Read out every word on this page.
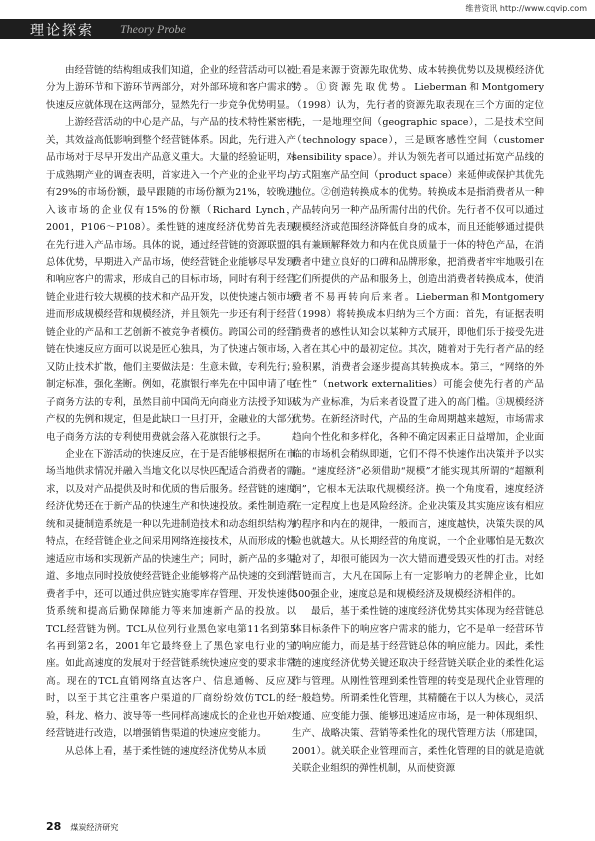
维普资讯 http://www.cqvip.com
理论探索 Theory Probe

由经营链的结构组成我们知道，企业的经营活动可以被分为上游环节和下游环节两部分，对外部环境和客户需求的快速反应就体现在这两部分，显然先行一步竞争优势明显。

上游经营活动的中心是产品，与产品的技术特性紧密相关，其效益高低影响到整个经营链体系。因此，先行进入产品市场对于尽早开发出产品意义重大。大量的经验证明，对于成熟期产业的调查表明，首家进入一个产业的企业平均占有29%的市场份额，最早跟随的市场份额为21%，较晚进入该市场的企业仅有15%的份额（Richard Lynch，2001，P106～P108）。柔性链的速度经济优势首先表现在先行进入产品市场。具体的说，通过经营链的资源联盟的总体优势，早期进入产品市场，使经营链企业能够尽早发现和响应客户的需求，形成自己的目标市场，同时有利于经营链企业进行较大规模的技术和产品开发，以使快速占领市场进而形成规模经营和规模经济，并且领先一步还有利于经营链企业的产品和工艺创新不被竞争者模仿。跨国公司的经营链在快速反应方面可以说是匠心独具，为了快速占领市场，又防止技术扩散，他们主要做法是：生意未做，专利先行；制定标准，强化垄断。例如，花旗银行率先在中国申请了电子商务方法的专利，虽然目前中国尚无向商业方法授予知识产权的先例和规定，但是此缺口一旦打开，金融业的大部分电子商务方法的专利使用费就会落入花旗银行之手。

企业在下游活动的快速反应，在于是否能够根据所在市场当地供求情况并融入当地文化以尽快匹配适合消费者的需求，以及对产品提供及时和优质的售后服务。经营链的速度经济优势还在于新产品的快速生产和快速投放。柔性制造系统和灵捷制造系统是一种以先进制造技术和动态组织结构为特点，在经营链企业之间采用网络连接技术，从而形成的快速适应市场和实现新产品的快速生产；同时，新产品的多渠道、多地点同时投放使经营链企业能够将产品快速的交到消费者手中，还可以通过供应链实施零库存管理、开发快速供货系统和提高后勤保障能力等来加速新产品的投放。以TCL经营链为例。TCL从位列行业黑色家电第11名到第5名再到第2名，2001年它最终登上了黑色家电行业的宝座。如此高速度的发展对于经营链系统快速应变的要求非常高。现在的TCL直销网络直达客户、信息通畅、反应及时，以至于其它注重客户渠道的厂商纷纷效仿TCL的经验，科龙、格力、波导等一些同样高速成长的企业也开始对经营链进行改造，以增强销售渠道的快速应变能力。

从总体上看，基于柔性链的速度经济优势从本质

上看是来源于资源先取优势、成本转换优势以及规模经济优势。①资源先取优势。Lieberman和Montgomery（1998）认为，先行者的资源先取表现在三个方面的定位先，一是地理空间（geographic space），二是技术空间（technology space），三是顾客感性空间（customer sensibility space）。并认为领先者可以通过拓宽产品线的方式阻塞产品空间（product space）来延伸或保护其优先地位。②创造转换成本的优势。转换成本是指消费者从一种产品转向另一种产品所需付出的代价。先行者不仅可以通过规模经济或范围经济降低自身的成本，而且还能够通过提供具有兼顾解释效力和内在优良质量于一体的特色产品，在消费者中建立良好的口碑和品牌形象，把消费者牢牢地吸引在它们所提供的产品和服务上，创造出消费者转换成本，使消费者不易再转向后来者。Lieberman和Montgomery（1998）将转换成本归纳为三个方面：首先，有证据表明消费者的感性认知会以某种方式展开，即他们乐于接受先进入者在其心中的最初定位。其次，随着对于先行者产品的经验积累，消费者会逐步提高其转换成本。第三，“网络的外在性”（network externalities）可能会使先行者的产品成为产业标准，为后来者设置了进入的高门槛。③规模经济优势。在新经济时代，产品的生命周期越来越短，市场需求趋向个性化和多样化，各种不确定因素正日益增加，企业面临的市场机会稍纵即逝，它们不得不快速作出决策并予以实施。“速度经济”必须借助“规模”才能实现其所谓的“超额利润”，它根本无法取代规模经济。换一个角度看，速度经济在一定程度上也是风险经济。企业决策及其实施应该有相应的程序和内在的规律，一般而言，速度越快，决策失误的风险也就越大。从长期经营的角度说，一个企业哪怕是无数次抢对了，却很可能因为一次大错而遭受毁灭性的打击。对经营链而言，大凡在国际上有一定影响力的老牌企业，比如500强企业，速度总是和规模经济及规模经济相伴的。

最后，基于柔性链的速度经济优势其实体现为经营链总体目标条件下的响应客户需求的能力，它不是单一经营环节的响应能力，而是基于经营链总体的响应能力。因此，柔性链的速度经济优势关键还取决于经营链关联企业的柔性化运作与管理。从刚性管理到柔性管理的转变是现代企业管理的一般趋势。所谓柔性化管理，其精髓在于以人为核心，灵活变通、应变能力强、能够迅速适应市场，是一种体现组织、生产、战略决策、营销等柔性化的现代管理方法（邢建国，2001）。就关联企业管理而言，柔性化管理的目的就是造就关联企业组织的弹性机制，从而使资源

28 煤炭经济研究
